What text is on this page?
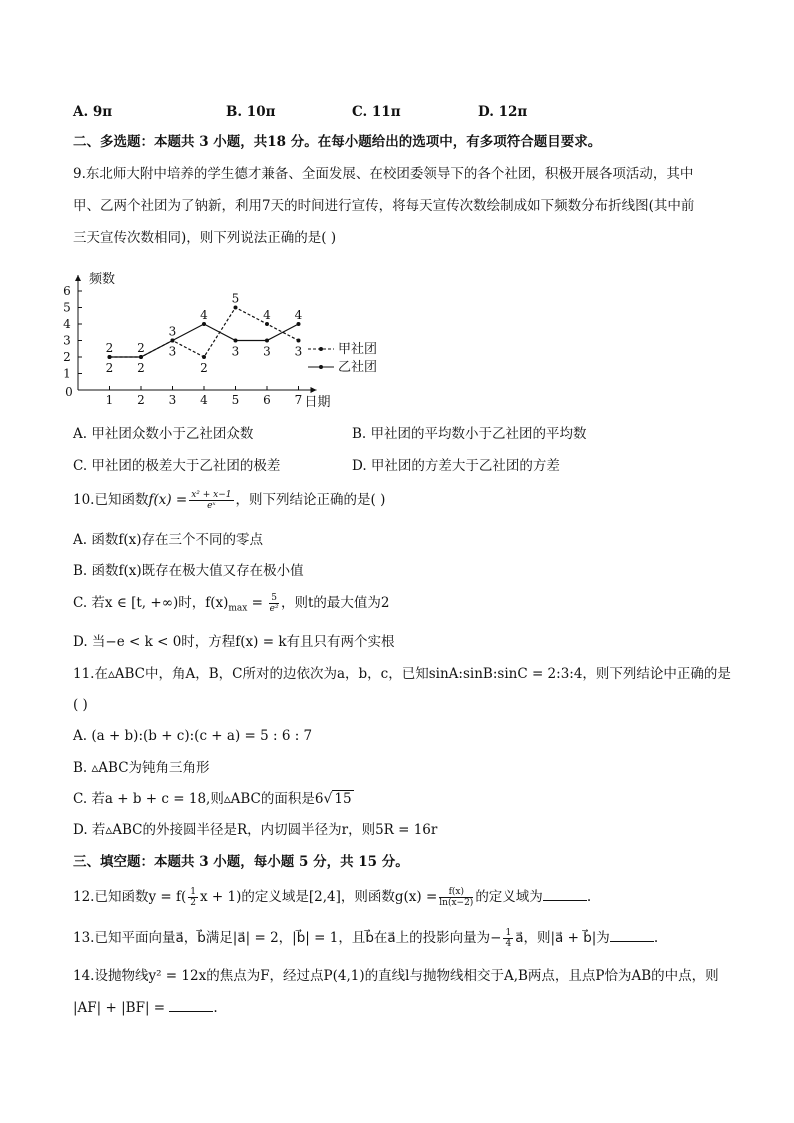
A. 9π	B. 10π	C. 11π	D. 12π
二、多选题：本题共 3 小题，共18 分。在每小题给出的选项中，有多项符合题目要求。
9.东北师大附中培养的学生德才兼备、全面发展、在校团委领导下的各个社团，积极开展各项活动，其中
甲、乙两个社团为了钠新，利用7天的时间进行宣传，将每天宣传次数绘制成如下频数分布折线图(其中前
三天宣传次数相同)，则下列说法正确的是( )
0
1
2
3
4
5
6
1 2 3 4 5 6 7
频数
日期
2
2
2
2
3
3
4
2
5
3
4
3
4
3	甲社团
乙社团
A. 甲社团众数小于乙社团众数	B. 甲社团的平均数小于乙社团的平均数
C. 甲社团的极差大于乙社团的极差	D. 甲社团的方差大于乙社团的方差
10.已知函数$f(x) = \frac{\text{x² + x−1}}{\text{eˣ}}$ ，则下列结论正确的是( )
A. 函数f(x)存在三个不同的零点
B. 函数f(x)既存在极大值又存在极小值
C. 若x ∈ [t, +∞)时，$f(x)_{max} = \frac{5}{\text{e²}}$ ，则t的最大值为2
D. 当−e < k < 0时，方程f(x) = k有且只有两个实根
11.在▵ABC中，角A，B，C所对的边依次为a，b，c，已知sinA:sinB:sinC = 2:3:4，则下列结论中正确的是
( )
A. (a + b):(b + c):(c + a) = 5 : 6 : 7
B. ▵ABC为钝角三角形
C. 若a + b + c = 18,则▵ABC的面积是6√ 15
D. 若▵ABC的外接圆半径是R，内切圆半径为r，则5R = 16r
三、填空题：本题共 3 小题，每小题 5 分，共 15 分。
12.已知函数$y = f( \frac{1}{2}$ x + 1)的定义域是[2,4]，则函数$g(x) = \frac{f(x)}{\ln(x-2)}$ 的定义域为	.
13.已知平面向量a⃗，b⃗满足|a⃗| = 2，|b⃗| = 1，且b⃗在a⃗上的投影向量为− $\frac{1}{4}$ a⃗，则|a⃗ + b⃗|为	.
14.设抛物线y² = 12x的焦点为F，经过点P(4,1)的直线l与抛物线相交于A,B两点，且点P恰为AB的中点，则
|AF| + |BF| =	.
